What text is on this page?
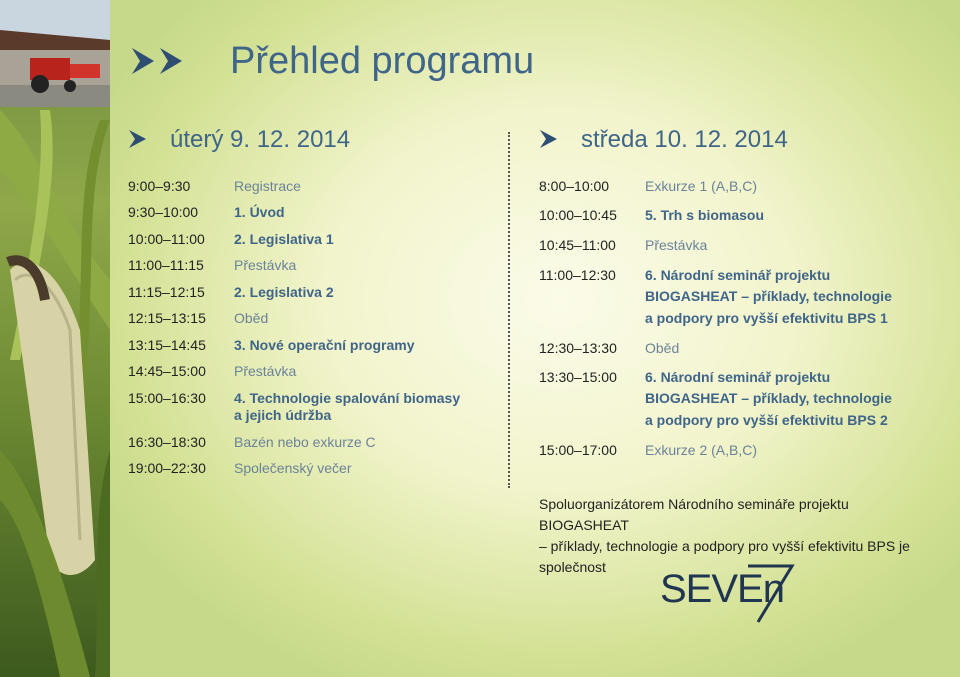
Přehled programu
úterý 9. 12. 2014
9:00–9:30	Registrace
9:30–10:00	1. Úvod
10:00–11:00 2. Legislativa 1
11:00–11:15 Přestávka
11:15–12:15 2. Legislativa 2
12:15–13:15 Oběd
13:15–14:45 3. Nové operační programy
14:45–15:00 Přestávka
15:00–16:30 4. Technologie spalování biomasy
a jejich údržba
16:30–18:30 Bazén nebo exkurze C
19:00–22:30 Společenský večer
středa 10. 12. 2014
8:00–10:00	Exkurze 1 (A,B,C)
10:00–10:45 5. Trh s biomasou
10:45–11:00 Přestávka
11:00–12:30 6. Národní seminář projektu
BIOGASHEAT – příklady, technologie
a podpory pro vyšší efektivitu BPS 1
12:30–13:30 Oběd
13:30–15:00 6. Národní seminář projektu
BIOGASHEAT – příklady, technologie
a podpory pro vyšší efektivitu BPS 2
15:00–17:00 Exkurze 2 (A,B,C)
Spoluorganizátorem Národního semináře projektu BIOGASHEAT
– příklady, technologie a podpory pro vyšší efektivitu BPS je
společnost	SEVEn
